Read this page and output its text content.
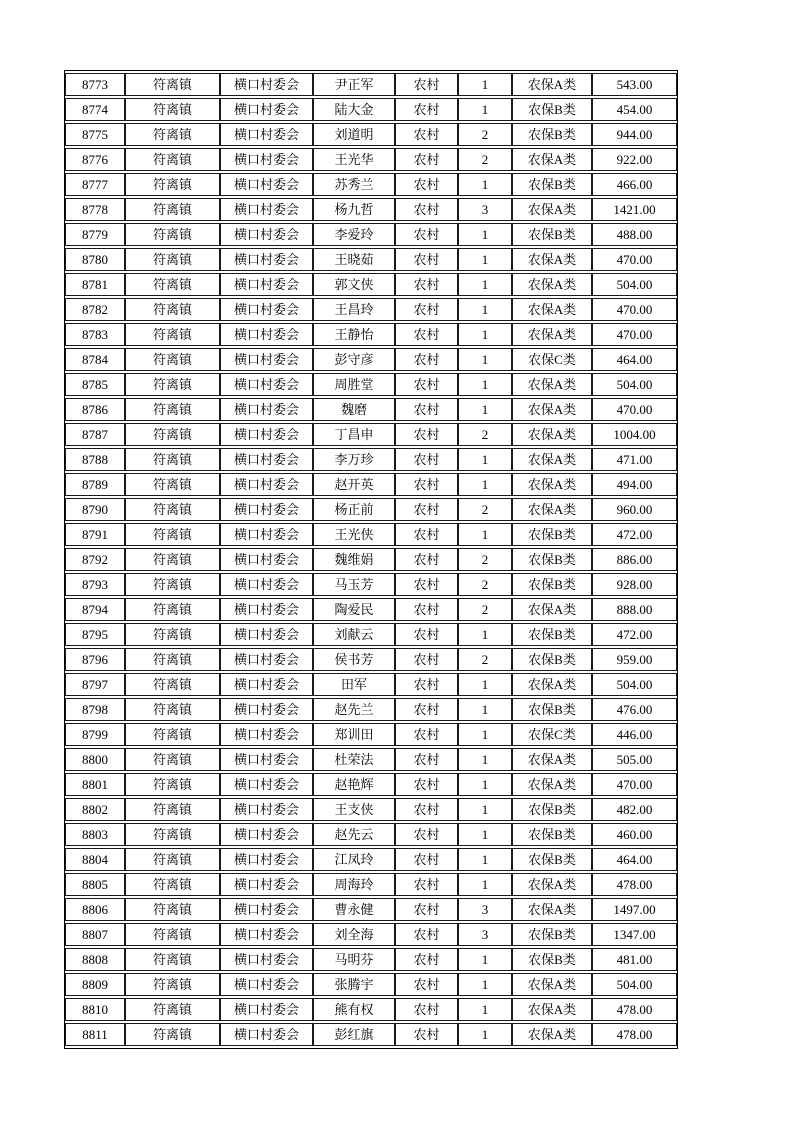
8773	符离镇	横口村委会	尹正军	农村	1	农保A类	543.00
8774	符离镇	横口村委会	陆大金	农村	1	农保B类	454.00
8775	符离镇	横口村委会	刘道明	农村	2	农保B类	944.00
8776	符离镇	横口村委会	王光华	农村	2	农保A类	922.00
8777	符离镇	横口村委会	苏秀兰	农村	1	农保B类	466.00
8778	符离镇	横口村委会	杨九哲	农村	3	农保A类	1421.00
8779	符离镇	横口村委会	李爱玲	农村	1	农保B类	488.00
8780	符离镇	横口村委会	王晓茹	农村	1	农保A类	470.00
8781	符离镇	横口村委会	郭文侠	农村	1	农保A类	504.00
8782	符离镇	横口村委会	王昌玲	农村	1	农保A类	470.00
8783	符离镇	横口村委会	王静怡	农村	1	农保A类	470.00
8784	符离镇	横口村委会	彭守彦	农村	1	农保C类	464.00
8785	符离镇	横口村委会	周胜堂	农村	1	农保A类	504.00
8786	符离镇	横口村委会	魏磨	农村	1	农保A类	470.00
8787	符离镇	横口村委会	丁昌申	农村	2	农保A类	1004.00
8788	符离镇	横口村委会	李万珍	农村	1	农保A类	471.00
8789	符离镇	横口村委会	赵开英	农村	1	农保A类	494.00
8790	符离镇	横口村委会	杨正前	农村	2	农保A类	960.00
8791	符离镇	横口村委会	王光侠	农村	1	农保B类	472.00
8792	符离镇	横口村委会	魏维娟	农村	2	农保B类	886.00
8793	符离镇	横口村委会	马玉芳	农村	2	农保B类	928.00
8794	符离镇	横口村委会	陶爱民	农村	2	农保A类	888.00
8795	符离镇	横口村委会	刘献云	农村	1	农保B类	472.00
8796	符离镇	横口村委会	侯书芳	农村	2	农保B类	959.00
8797	符离镇	横口村委会	田军	农村	1	农保A类	504.00
8798	符离镇	横口村委会	赵先兰	农村	1	农保B类	476.00
8799	符离镇	横口村委会	郑训田	农村	1	农保C类	446.00
8800	符离镇	横口村委会	杜荣法	农村	1	农保A类	505.00
8801	符离镇	横口村委会	赵艳辉	农村	1	农保A类	470.00
8802	符离镇	横口村委会	王支侠	农村	1	农保B类	482.00
8803	符离镇	横口村委会	赵先云	农村	1	农保B类	460.00
8804	符离镇	横口村委会	江凤玲	农村	1	农保B类	464.00
8805	符离镇	横口村委会	周海玲	农村	1	农保A类	478.00
8806	符离镇	横口村委会	曹永健	农村	3	农保A类	1497.00
8807	符离镇	横口村委会	刘全海	农村	3	农保B类	1347.00
8808	符离镇	横口村委会	马明芬	农村	1	农保B类	481.00
8809	符离镇	横口村委会	张腾宇	农村	1	农保A类	504.00
8810	符离镇	横口村委会	熊有权	农村	1	农保A类	478.00
8811	符离镇	横口村委会	彭红旗	农村	1	农保A类	478.00
